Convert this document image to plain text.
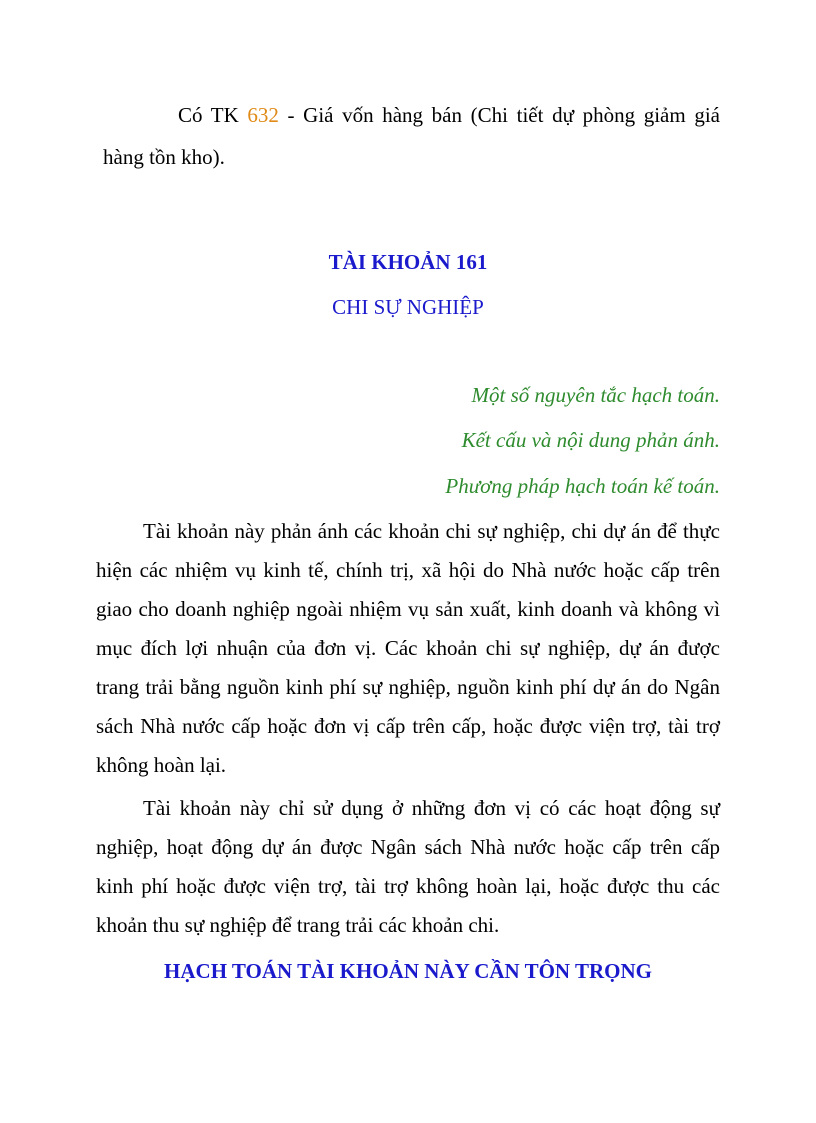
Có TK 632 - Giá vốn hàng bán (Chi tiết dự phòng giảm giá
hàng tồn kho).
TÀI KHOẢN 161
CHI SỰ NGHIỆP
Một số nguyên tắc hạch toán.
Kết cấu và nội dung phản ánh.
Phương pháp hạch toán kế toán.

Tài khoản này phản ánh các khoản chi sự nghiệp, chi dự án để thực hiện các nhiệm vụ kinh tế, chính trị, xã hội do Nhà nước hoặc cấp trên giao cho doanh nghiệp ngoài nhiệm vụ sản xuất, kinh doanh và không vì mục đích lợi nhuận của đơn vị. Các khoản chi sự nghiệp, dự án được trang trải bằng nguồn kinh phí sự nghiệp, nguồn kinh phí dự án do Ngân sách Nhà nước cấp hoặc đơn vị cấp trên cấp, hoặc được viện trợ, tài trợ không hoàn lại.

Tài khoản này chỉ sử dụng ở những đơn vị có các hoạt động sự nghiệp, hoạt động dự án được Ngân sách Nhà nước hoặc cấp trên cấp kinh phí hoặc được viện trợ, tài trợ không hoàn lại, hoặc được thu các khoản thu sự nghiệp để trang trải các khoản chi.

HẠCH TOÁN TÀI KHOẢN NÀY CẦN TÔN TRỌNG
